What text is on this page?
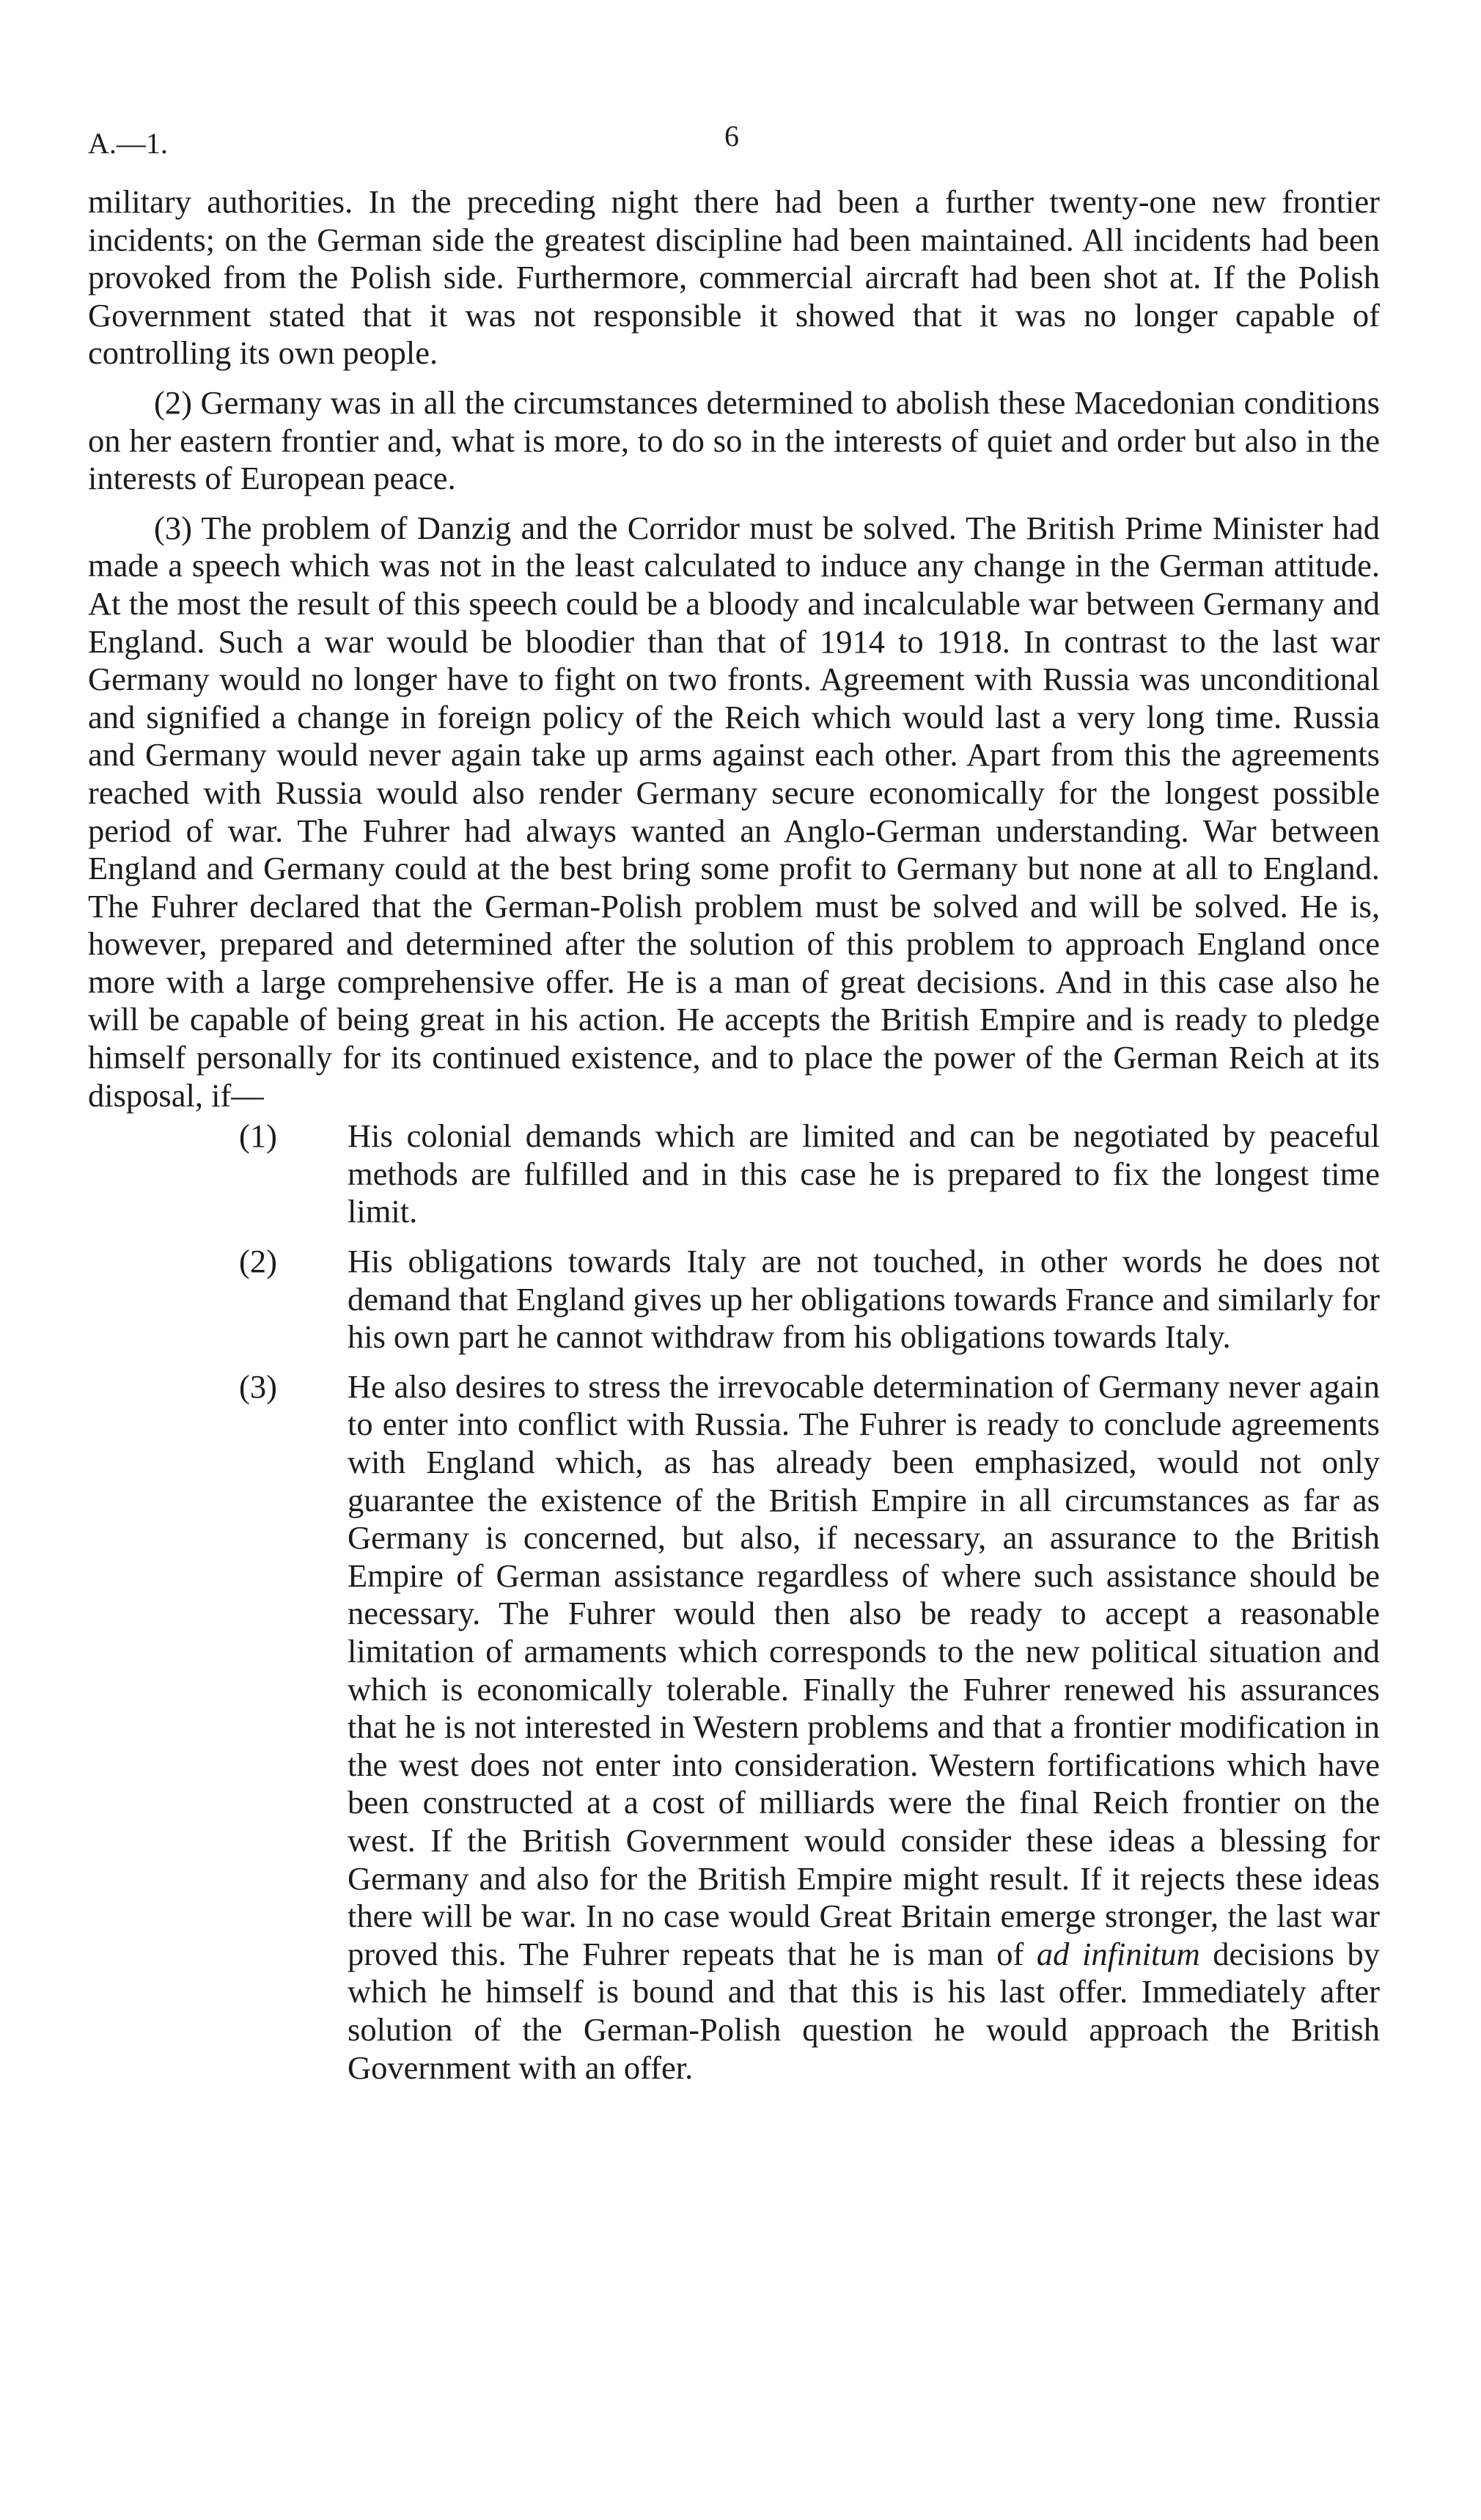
A.—1.	6

military authorities. In the preceding night there had been a further twenty-one new frontier incidents; on the German side the greatest discipline had been maintained. All incidents had been provoked from the Polish side. Furthermore, commercial aircraft had been shot at. If the Polish Government stated that it was not responsible it showed that it was no longer capable of controlling its own people.

(2) Germany was in all the circumstances determined to abolish these Macedonian conditions on her eastern frontier and, what is more, to do so in the interests of quiet and order but also in the interests of European peace.

(3) The problem of Danzig and the Corridor must be solved. The British Prime Minister had made a speech which was not in the least calculated to induce any change in the German attitude. At the most the result of this speech could be a bloody and incalculable war between Germany and England. Such a war would be bloodier than that of 1914 to 1918. In contrast to the last war Germany would no longer have to fight on two fronts. Agreement with Russia was unconditional and signified a change in foreign policy of the Reich which would last a very long time. Russia and Germany would never again take up arms against each other. Apart from this the agreements reached with Russia would also render Germany secure economically for the longest possible period of war. The Fuhrer had always wanted an Anglo-German understanding. War between England and Germany could at the best bring some profit to Germany but none at all to England. The Fuhrer declared that the German-Polish problem must be solved and will be solved. He is, however, prepared and determined after the solution of this problem to approach England once more with a large comprehensive offer. He is a man of great decisions. And in this case also he will be capable of being great in his action. He accepts the British Empire and is ready to pledge himself personally for its continued existence, and to place the power of the German Reich at its disposal, if—

(1) His colonial demands which are limited and can be negotiated by peaceful methods are fulfilled and in this case he is prepared to fix the longest time limit.
(2) His obligations towards Italy are not touched, in other words he does not demand that England gives up her obligations towards France and similarly for his own part he cannot withdraw from his obligations towards Italy.
(3) He also desires to stress the irrevocable determination of Germany never again to enter into conflict with Russia. The Fuhrer is ready to conclude agreements with England which, as has already been emphasized, would not only guarantee the existence of the British Empire in all circumstances as far as Germany is concerned, but also, if necessary, an assurance to the British Empire of German assistance regardless of where such assistance should be necessary. The Fuhrer would then also be ready to accept a reasonable limitation of armaments which corresponds to the new political situation and which is economically tolerable. Finally the Fuhrer renewed his assurances that he is not interested in Western problems and that a frontier modification in the west does not enter into consideration. Western fortifications which have been constructed at a cost of milliards were the final Reich frontier on the west. If the British Government would consider these ideas a blessing for Germany and also for the British Empire might result. If it rejects these ideas there will be war. In no case would Great Britain emerge stronger, the last war proved this. The Fuhrer repeats that he is man of ad infinitum decisions by which he himself is bound and that this is his last offer. Immediately after solution of the German-Polish question he would approach the British Government with an offer.
